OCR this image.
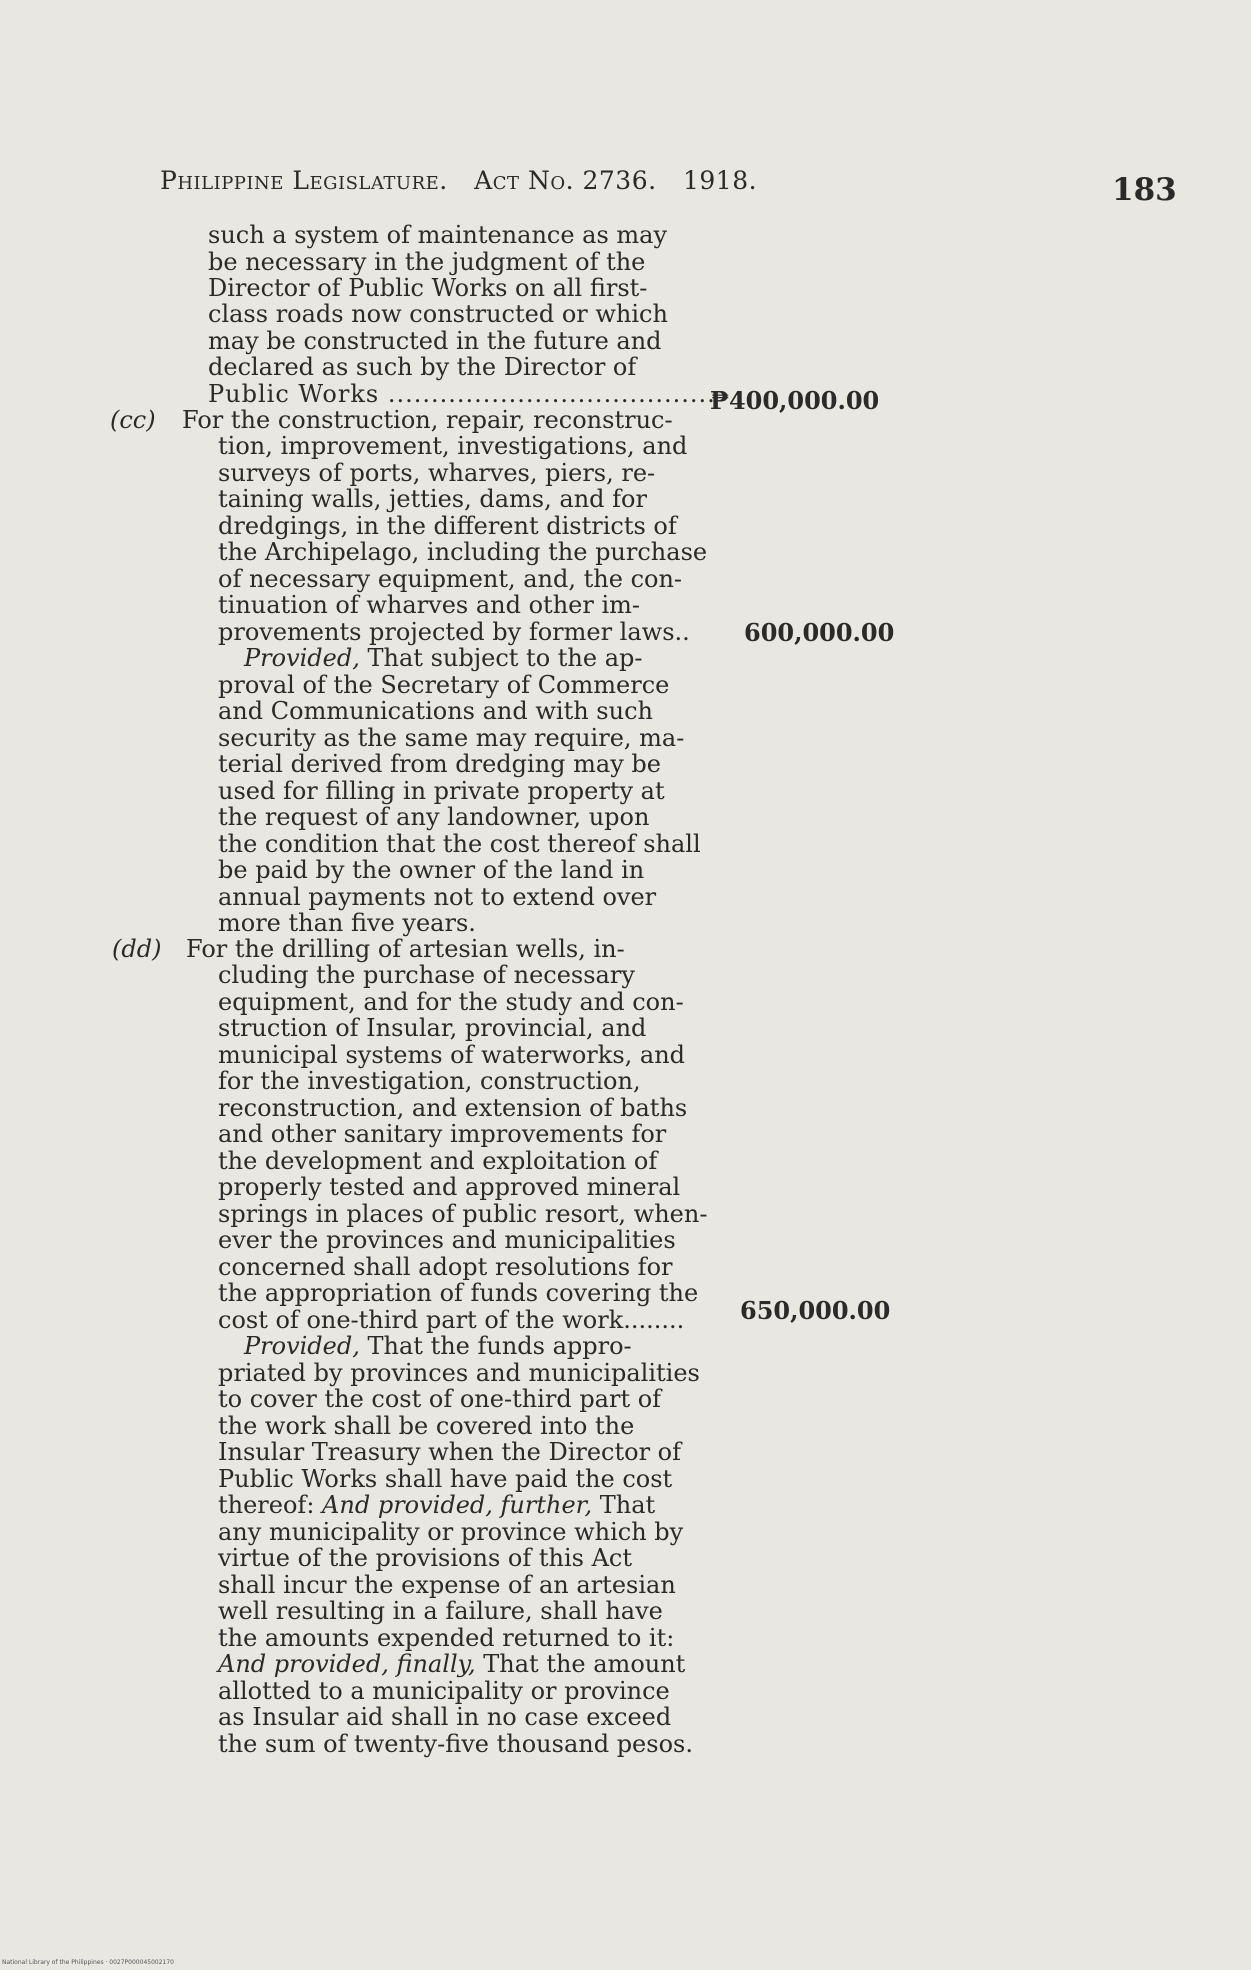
Philippine Legislature. Act No. 2736. 1918.	183
such a system of maintenance as may
be necessary in the judgment of the
Director of Public Works on all first-
class roads now constructed or which
may be constructed in the future and
declared as such by the Director of
Public Works ......................................
₱400,000.00
(cc) For the construction, repair, reconstruc-
tion, improvement, investigations, and
surveys of ports, wharves, piers, re-
taining walls, jetties, dams, and for
dredgings, in the different districts of
the Archipelago, including the purchase
of necessary equipment, and, the con-
tinuation of wharves and other im-
provements projected by former laws.. 600,000.00
Provided, That subject to the ap-
proval of the Secretary of Commerce
and Communications and with such
security as the same may require, ma-
terial derived from dredging may be
used for filling in private property at
the request of any landowner, upon
the condition that the cost thereof shall
be paid by the owner of the land in
annual payments not to extend over
more than five years.
(dd) For the drilling of artesian wells, in-
cluding the purchase of necessary
equipment, and for the study and con-
struction of Insular, provincial, and
municipal systems of waterworks, and
for the investigation, construction,
reconstruction, and extension of baths
and other sanitary improvements for
the development and exploitation of
properly tested and approved mineral
springs in places of public resort, when-
ever the provinces and municipalities
concerned shall adopt resolutions for
the appropriation of funds covering the
cost of one-third part of the work........ 650,000.00
Provided, That the funds appro-
priated by provinces and municipalities
to cover the cost of one-third part of
the work shall be covered into the
Insular Treasury when the Director of
Public Works shall have paid the cost
thereof: And provided, further, That
any municipality or province which by
virtue of the provisions of this Act
shall incur the expense of an artesian
well resulting in a failure, shall have
the amounts expended returned to it:
And provided, finally, That the amount
allotted to a municipality or province
as Insular aid shall in no case exceed
the sum of twenty-five thousand pesos.
National Library of the Philippines · 0027P000045002170
